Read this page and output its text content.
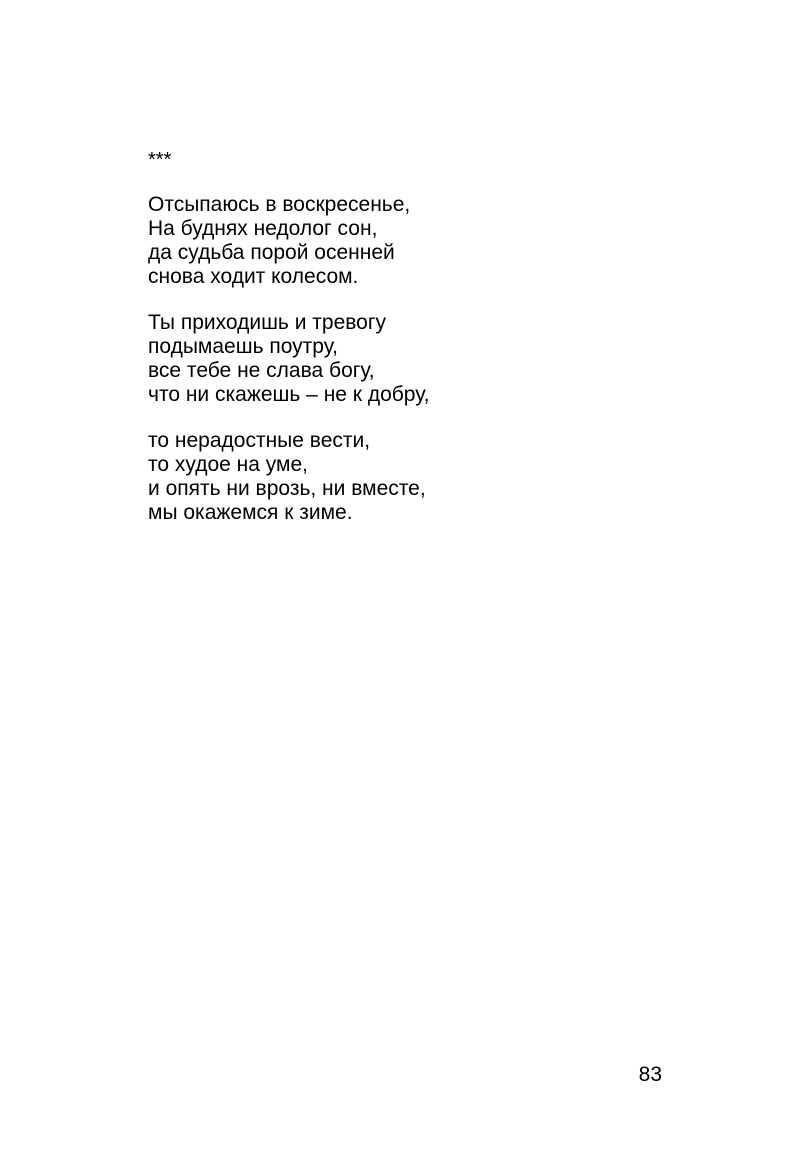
***
Отсыпаюсь в воскресенье,
На буднях недолог сон,
да судьба порой осенней
снова ходит колесом.
Ты приходишь и тревогу
подымаешь поутру,
все тебе не слава богу,
что ни скажешь – не к добру,
то нерадостные вести,
то худое на уме,
и опять ни врозь, ни вместе,
мы окажемся к зиме.
83
